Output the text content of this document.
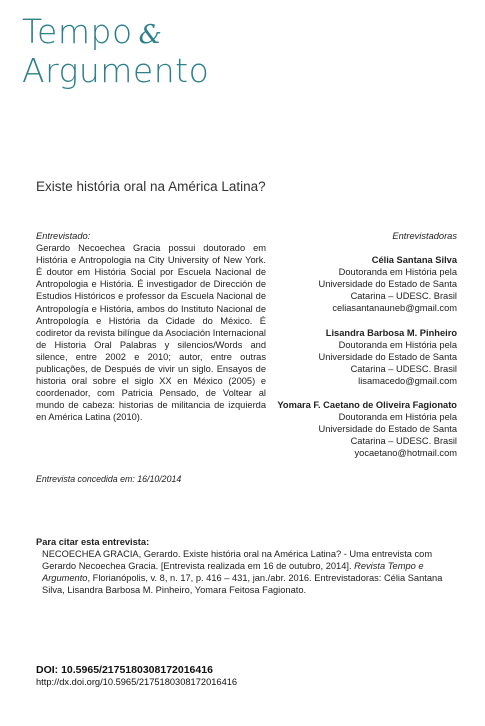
Tempo &
Argumento
Existe história oral na América Latina?
Entrevistado:
Gerardo Necoechea Gracia possui doutorado em História e Antropologia na City University of New York. É doutor em História Social por Escuela Nacional de Antropologia e História. É investigador de Dirección de Estudios Históricos e professor da Escuela Nacional de Antropología e História, ambos do Instituto Nacional de Antropología e História da Cidade do México. É codiretor da revista bilíngue da Asociación Internacional de Historia Oral Palabras y silencios/Words and silence, entre 2002 e 2010; autor, entre outras publicações, de Después de vivir un siglo. Ensayos de historia oral sobre el siglo XX en México (2005) e coordenador, com Patricia Pensado, de Voltear al mundo de cabeza: historias de militancia de izquierda en América Latina (2010).
Entrevista concedida em: 16/10/2014
Entrevistadoras
Célia Santana Silva
Doutoranda em História pela
Universidade do Estado de Santa
Catarina – UDESC. Brasil
celiasantanauneb@gmail.com
Lisandra Barbosa M. Pinheiro
Doutoranda em História pela
Universidade do Estado de Santa
Catarina – UDESC. Brasil
lisamacedo@gmail.com
Yomara F. Caetano de Oliveira Fagionato
Doutoranda em História pela
Universidade do Estado de Santa
Catarina – UDESC. Brasil
yocaetano@hotmail.com
Para citar esta entrevista:
NECOECHEA GRACIA, Gerardo. Existe história oral na América Latina? - Uma entrevista com Gerardo Necoechea Gracia. [Entrevista realizada em 16 de outubro, 2014]. Revista Tempo e Argumento, Florianópolis, v. 8, n. 17, p. 416 – 431, jan./abr. 2016. Entrevistadoras: Célia Santana Silva, Lisandra Barbosa M. Pinheiro, Yomara Feitosa Fagionato.
DOI: 10.5965/2175180308172016416
http://dx.doi.org/10.5965/2175180308172016416
